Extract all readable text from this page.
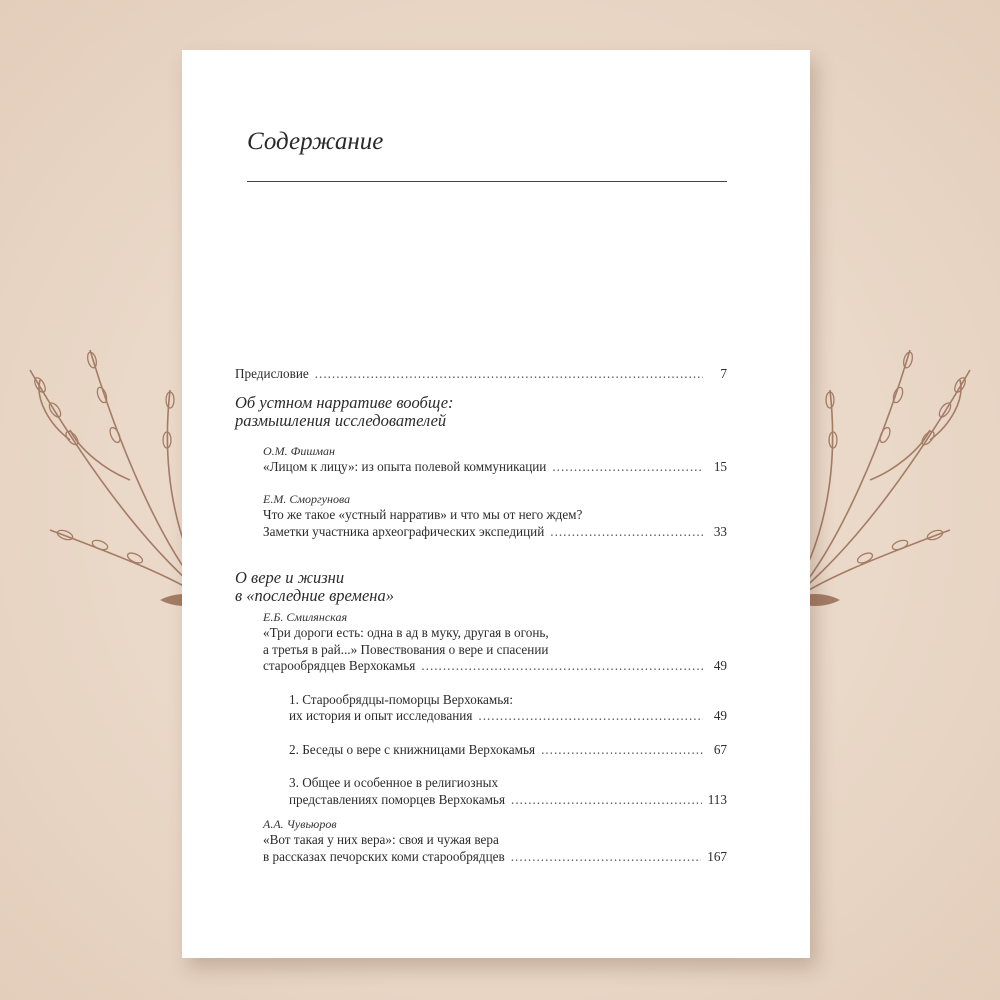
Содержание
Предисловие .....	7
Об устном нарративе вообще:
размышления исследователей
О.М. Фишман
«Лицом к лицу»: из опыта полевой коммуникации .....	15
Е.М. Сморгунова
Что же такое «устный нарратив» и что мы от него ждем?
Заметки участника археографических экспедиций .....	33
О вере и жизни
в «последние времена»
Е.Б. Смилянская
«Три дороги есть: одна в ад в муку, другая в огонь,
а третья в рай...» Повествования о вере и спасении
старообрядцев Верхокамья .....	49
1. Старообрядцы-поморцы Верхокамья:
их история и опыт исследования .....	49
2. Беседы о вере с книжницами Верхокамья .....	67
3. Общее и особенное в религиозных
представлениях поморцев Верхокамья .....	113
А.А. Чувьюров
«Вот такая у них вера»: своя и чужая вера
в рассказах печорских коми старообрядцев .....	167
